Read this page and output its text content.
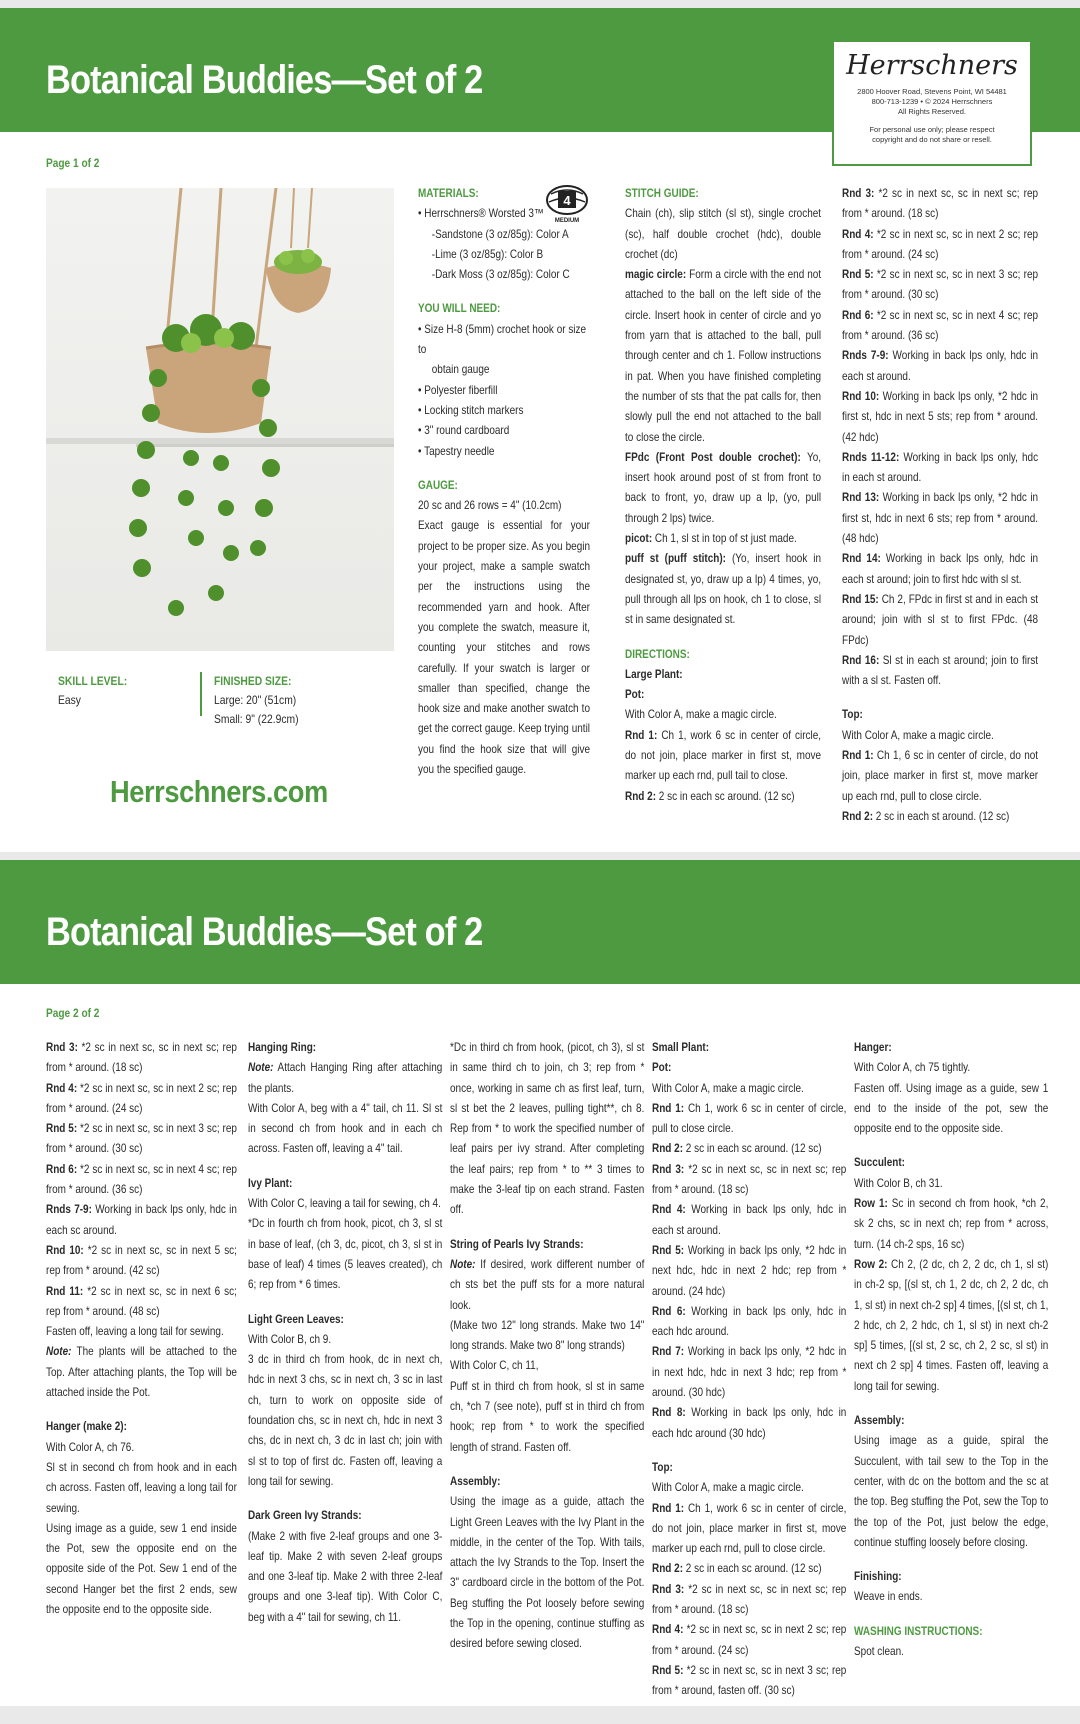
Botanical Buddies—Set of 2	Herrschners
2800 Hoover Road, Stevens Point, WI 54481
800-713-1239 • © 2024 Herrschners
All Rights Reserved.
For personal use only; please respect
copyright and do not share or resell.
Page 1 of 2
SKILL LEVEL:
Easy
FINISHED SIZE:
Large: 20" (51cm)
Small: 9" (22.9cm)
Herrschners.com
4
MEDIUM
MATERIALS:
• Herrschners® Worsted 3™
-Sandstone (3 oz/85g): Color A
-Lime (3 oz/85g): Color B
-Dark Moss (3 oz/85g): Color C
YOU WILL NEED:
• Size H-8 (5mm) crochet hook or size to
obtain gauge
• Polyester fiberfill
• Locking stitch markers
• 3" round cardboard
• Tapestry needle
GAUGE:
20 sc and 26 rows = 4" (10.2cm)

Exact gauge is essential for your project to be proper size. As you begin your project, make a sample swatch per the instructions using the recommended yarn and hook. After you complete the swatch, measure it, counting your stitches and rows carefully. If your swatch is larger or smaller than specified, change the hook size and make another swatch to get the correct gauge. Keep trying until you find the hook size that will give you the specified gauge.

STITCH GUIDE:

Chain (ch), slip stitch (sl st), single crochet (sc), half double crochet (hdc), double crochet (dc)

magic circle: Form a circle with the end not attached to the ball on the left side of the circle. Insert hook in center of circle and yo from yarn that is attached to the ball, pull through center and ch 1. Follow instructions in pat. When you have finished completing the number of sts that the pat calls for, then slowly pull the end not attached to the ball to close the circle.

FPdc (Front Post double crochet): Yo, insert hook around post of st from front to back to front, yo, draw up a lp, (yo, pull through 2 lps) twice.

picot: Ch 1, sl st in top of st just made.

puff st (puff stitch): (Yo, insert hook in designated st, yo, draw up a lp) 4 times, yo, pull through all lps on hook, ch 1 to close, sl st in same designated st.

DIRECTIONS:
Large Plant:
Pot:
With Color A, make a magic circle.

Rnd 1: Ch 1, work 6 sc in center of circle, do not join, place marker in first st, move marker up each rnd, pull tail to close.

Rnd 2: 2 sc in each sc around. (12 sc)

Rnd 3: *2 sc in next sc, sc in next sc; rep from * around. (18 sc)

Rnd 4: *2 sc in next sc, sc in next 2 sc; rep from * around. (24 sc)

Rnd 5: *2 sc in next sc, sc in next 3 sc; rep from * around. (30 sc)

Rnd 6: *2 sc in next sc, sc in next 4 sc; rep from * around. (36 sc)

Rnds 7-9: Working in back lps only, hdc in each st around.

Rnd 10: Working in back lps only, *2 hdc in first st, hdc in next 5 sts; rep from * around. (42 hdc)

Rnds 11-12: Working in back lps only, hdc in each st around.

Rnd 13: Working in back lps only, *2 hdc in first st, hdc in next 6 sts; rep from * around. (48 hdc)

Rnd 14: Working in back lps only, hdc in each st around; join to first hdc with sl st.

Rnd 15: Ch 2, FPdc in first st and in each st around; join with sl st to first FPdc. (48 FPdc)

Rnd 16: Sl st in each st around; join to first with a sl st. Fasten off.

Top:
With Color A, make a magic circle.

Rnd 1: Ch 1, 6 sc in center of circle, do not join, place marker in first st, move marker up each rnd, pull to close circle.

Rnd 2: 2 sc in each st around. (12 sc)

Botanical Buddies—Set of 2
Page 2 of 2

Rnd 3: *2 sc in next sc, sc in next sc; rep from * around. (18 sc)

Rnd 4: *2 sc in next sc, sc in next 2 sc; rep from * around. (24 sc)

Rnd 5: *2 sc in next sc, sc in next 3 sc; rep from * around. (30 sc)

Rnd 6: *2 sc in next sc, sc in next 4 sc; rep from * around. (36 sc)

Rnds 7-9: Working in back lps only, hdc in each sc around.

Rnd 10: *2 sc in next sc, sc in next 5 sc; rep from * around. (42 sc)

Rnd 11: *2 sc in next sc, sc in next 6 sc; rep from * around. (48 sc)

Fasten off, leaving a long tail for sewing.

Note: The plants will be attached to the Top. After attaching plants, the Top will be attached inside the Pot.

Hanger (make 2):
With Color A, ch 76.

Sl st in second ch from hook and in each ch across. Fasten off, leaving a long tail for sewing.

Using image as a guide, sew 1 end inside the Pot, sew the opposite end on the opposite side of the Pot. Sew 1 end of the second Hanger bet the first 2 ends, sew the opposite end to the opposite side.

Hanging Ring:

Note: Attach Hanging Ring after attaching the plants.

With Color A, beg with a 4" tail, ch 11. Sl st in second ch from hook and in each ch across. Fasten off, leaving a 4" tail.

Ivy Plant:

With Color C, leaving a tail for sewing, ch 4.

*Dc in fourth ch from hook, picot, ch 3, sl st in base of leaf, (ch 3, dc, picot, ch 3, sl st in base of leaf) 4 times (5 leaves created), ch 6; rep from * 6 times.

Light Green Leaves:
With Color B, ch 9.

3 dc in third ch from hook, dc in next ch, hdc in next 3 chs, sc in next ch, 3 sc in last ch, turn to work on opposite side of foundation chs, sc in next ch, hdc in next 3 chs, dc in next ch, 3 dc in last ch; join with sl st to top of first dc. Fasten off, leaving a long tail for sewing.

Dark Green Ivy Strands:

(Make 2 with five 2-leaf groups and one 3-leaf tip. Make 2 with seven 2-leaf groups and one 3-leaf tip. Make 2 with three 2-leaf groups and one 3-leaf tip). With Color C, beg with a 4" tail for sewing, ch 11.

*Dc in third ch from hook, (picot, ch 3), sl st in same third ch to join, ch 3; rep from * once, working in same ch as first leaf, turn, sl st bet the 2 leaves, pulling tight**, ch 8. Rep from * to work the specified number of leaf pairs per ivy strand. After completing the leaf pairs; rep from * to ** 3 times to make the 3-leaf tip on each strand. Fasten off.

String of Pearls Ivy Strands:

Note: If desired, work different number of ch sts bet the puff sts for a more natural look.

(Make two 12" long strands. Make two 14" long strands. Make two 8" long strands)

With Color C, ch 11,

Puff st in third ch from hook, sl st in same ch, *ch 7 (see note), puff st in third ch from hook; rep from * to work the specified length of strand. Fasten off.

Assembly:

Using the image as a guide, attach the Light Green Leaves with the Ivy Plant in the middle, in the center of the Top. With tails, attach the Ivy Strands to the Top. Insert the 3" cardboard circle in the bottom of the Pot. Beg stuffing the Pot loosely before sewing the Top in the opening, continue stuffing as desired before sewing closed.

Small Plant:
Pot:
With Color A, make a magic circle.

Rnd 1: Ch 1, work 6 sc in center of circle, pull to close circle.

Rnd 2: 2 sc in each sc around. (12 sc)

Rnd 3: *2 sc in next sc, sc in next sc; rep from * around. (18 sc)

Rnd 4: Working in back lps only, hdc in each st around.

Rnd 5: Working in back lps only, *2 hdc in next hdc, hdc in next 2 hdc; rep from * around. (24 hdc)

Rnd 6: Working in back lps only, hdc in each hdc around.

Rnd 7: Working in back lps only, *2 hdc in in next hdc, hdc in next 3 hdc; rep from * around. (30 hdc)

Rnd 8: Working in back lps only, hdc in each hdc around (30 hdc)

Top:
With Color A, make a magic circle.

Rnd 1: Ch 1, work 6 sc in center of circle, do not join, place marker in first st, move marker up each rnd, pull to close circle.

Rnd 2: 2 sc in each sc around. (12 sc)

Rnd 3: *2 sc in next sc, sc in next sc; rep from * around. (18 sc)

Rnd 4: *2 sc in next sc, sc in next 2 sc; rep from * around. (24 sc)

Rnd 5: *2 sc in next sc, sc in next 3 sc; rep from * around, fasten off. (30 sc)

Hanger:
With Color A, ch 75 tightly.

Fasten off. Using image as a guide, sew 1 end to the inside of the pot, sew the opposite end to the opposite side.

Succulent:
With Color B, ch 31.

Row 1: Sc in second ch from hook, *ch 2, sk 2 chs, sc in next ch; rep from * across, turn. (14 ch-2 sps, 16 sc)

Row 2: Ch 2, (2 dc, ch 2, 2 dc, ch 1, sl st) in ch-2 sp, [(sl st, ch 1, 2 dc, ch 2, 2 dc, ch 1, sl st) in next ch-2 sp] 4 times, [(sl st, ch 1, 2 hdc, ch 2, 2 hdc, ch 1, sl st) in next ch-2 sp] 5 times, [(sl st, 2 sc, ch 2, 2 sc, sl st) in next ch 2 sp] 4 times. Fasten off, leaving a long tail for sewing.

Assembly:

Using image as a guide, spiral the Succulent, with tail sew to the Top in the center, with dc on the bottom and the sc at the top. Beg stuffing the Pot, sew the Top to the top of the Pot, just below the edge, continue stuffing loosely before closing.

Finishing:
Weave in ends.
WASHING INSTRUCTIONS:
Spot clean.
